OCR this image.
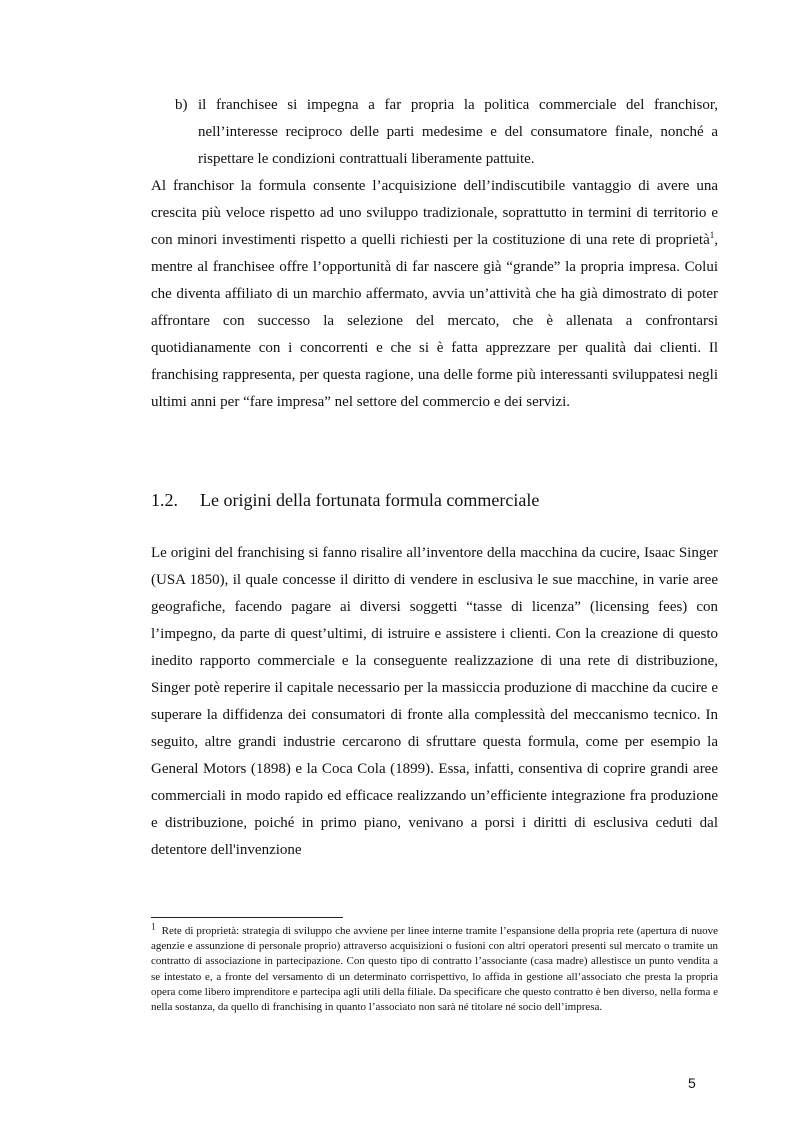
b) il franchisee si impegna a far propria la politica commerciale del franchisor, nell’interesse reciproco delle parti medesime e del consumatore finale, nonché a rispettare le condizioni contrattuali liberamente pattuite.

Al franchisor la formula consente l’acquisizione dell’indiscutibile vantaggio di avere una crescita più veloce rispetto ad uno sviluppo tradizionale, soprattutto in termini di territorio e con minori investimenti rispetto a quelli richiesti per la costituzione di una rete di proprietà$^1$, mentre al franchisee offre l’opportunità di far nascere già “grande” la propria impresa. Colui che diventa affiliato di un marchio affermato, avvia un’attività che ha già dimostrato di poter affrontare con successo la selezione del mercato, che è allenata a confrontarsi quotidianamente con i concorrenti e che si è fatta apprezzare per qualità dai clienti. Il franchising rappresenta, per questa ragione, una delle forme più interessanti sviluppatesi negli ultimi anni per “fare impresa” nel settore del commercio e dei servizi.

1.2.	Le origini della fortunata formula commerciale

Le origini del franchising si fanno risalire all’inventore della macchina da cucire, Isaac Singer (USA 1850), il quale concesse il diritto di vendere in esclusiva le sue macchine, in varie aree geografiche, facendo pagare ai diversi soggetti “tasse di licenza” (licensing fees) con l’impegno, da parte di quest’ultimi, di istruire e assistere i clienti. Con la creazione di questo inedito rapporto commerciale e la conseguente realizzazione di una rete di distribuzione, Singer potè reperire il capitale necessario per la massiccia produzione di macchine da cucire e superare la diffidenza dei consumatori di fronte alla complessità del meccanismo tecnico. In seguito, altre grandi industrie cercarono di sfruttare questa formula, come per esempio la General Motors (1898) e la Coca Cola (1899). Essa, infatti, consentiva di coprire grandi aree commerciali in modo rapido ed efficace realizzando un’efficiente integrazione fra produzione e distribuzione, poiché in primo piano, venivano a porsi i diritti di esclusiva ceduti dal detentore dell'invenzione

$^1$ Rete di proprietà: strategia di sviluppo che avviene per linee interne tramite l’espansione della propria rete (apertura di nuove agenzie e assunzione di personale proprio) attraverso acquisizioni o fusioni con altri operatori presenti sul mercato o tramite un contratto di associazione in partecipazione. Con questo tipo di contratto l’associante (casa madre) allestisce un punto vendita a se intestato e, a fronte del versamento di un determinato corrispettivo, lo affida in gestione all’associato che presta la propria opera come libero imprenditore e partecipa agli utili della filiale. Da specificare che questo contratto è ben diverso, nella forma e nella sostanza, da quello di franchising in quanto l’associato non sarà né titolare né socio dell’impresa.

5
